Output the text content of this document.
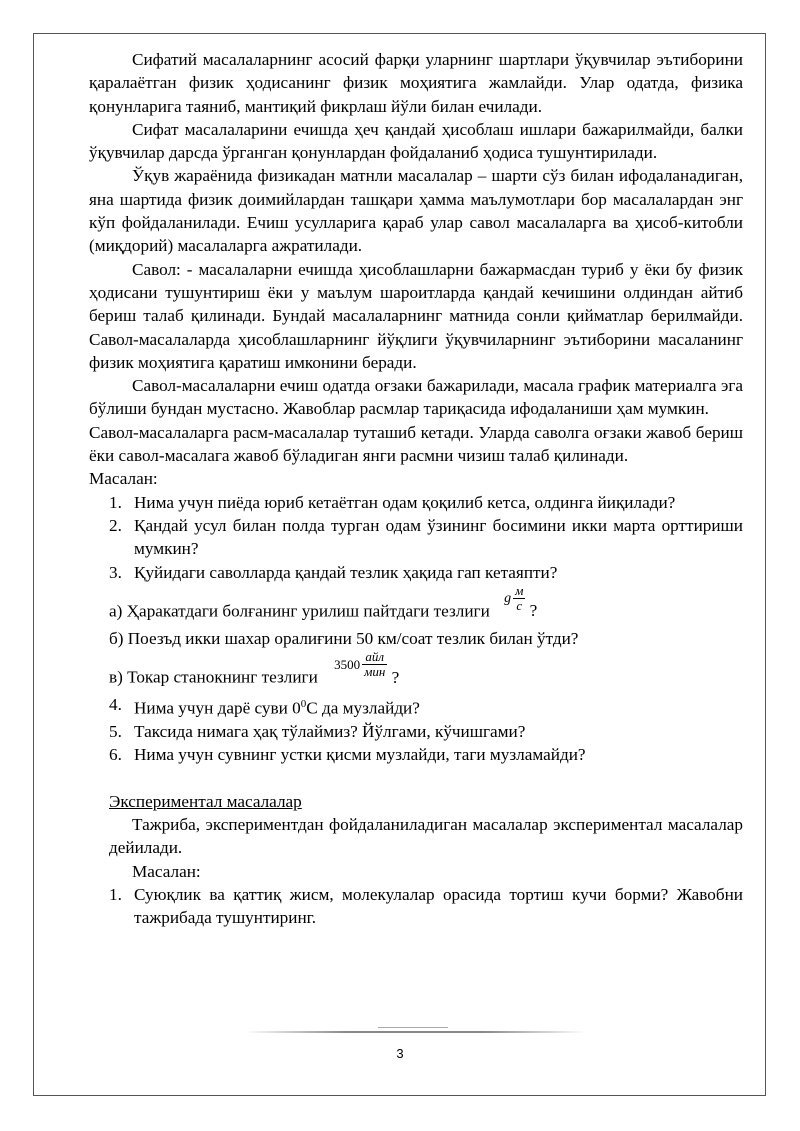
Сифатий масалаларнинг асосий фарқи уларнинг шартлари ўқувчилар эътиборини қаралаётган физик ҳодисанинг физик моҳиятига жамлайди. Улар одатда, физика қонунларига таяниб, мантиқий фикрлаш йўли билан ечилади.

Сифат масалаларини ечишда ҳеч қандай ҳисоблаш ишлари бажарилмайди, балки ўқувчилар дарсда ўрганган қонунлардан фойдаланиб ҳодиса тушунтирилади.

Ўқув жараёнида физикадан матнли масалалар – шарти сўз билан ифодаланадиган, яна шартида физик доимийлардан ташқари ҳамма маълумотлари бор масалалардан энг кўп фойдаланилади. Ечиш усулларига қараб улар савол масалаларга ва ҳисоб-китобли (миқдорий) масалаларга ажратилади.

Савол: - масалаларни ечишда ҳисоблашларни бажармасдан туриб у ёки бу физик ҳодисани тушунтириш ёки у маълум шароитларда қандай кечишини олдиндан айтиб бериш талаб қилинади. Бундай масалаларнинг матнида сонли қийматлар берилмайди. Савол-масалаларда ҳисоблашларнинг йўқлиги ўқувчиларнинг эътиборини масаланинг физик моҳиятига қаратиш имконини беради.

Савол-масалаларни ечиш одатда оғзаки бажарилади, масала график материалга эга бўлиши бундан мустасно. Жавоблар расмлар тариқасида ифодаланиши ҳам мумкин.

Савол-масалаларга расм-масалалар туташиб кетади. Уларда саволга оғзаки жавоб бериш ёки савол-масалага жавоб бўладиган янги расмни чизиш талаб қилинади.

Масалан:

1. Нима учун пиёда юриб кетаётган одам қоқилиб кетса, олдинга йиқилади?
2. Қандай усул билан полда турган одам ўзининг босимини икки марта орттириши мумкин?
3. Қуйидаги саволларда қандай тезлик ҳақида гап кетаяпти?

а) Ҳаракатдаги болғанинг урилиш пайтдаги тезлиги g $\frac{м}{с}$ ?

б) Поезъд икки шахар оралиғини 50 км/соат тезлик билан ўтди?

в) Токар станокнинг тезлиги $3500 \frac{\text{айл}}{\text{мин}}$ ?

4. Нима учун дарё суви $0^0С$ да музлайди?
5. Таксида нимага ҳақ тўлаймиз? Йўлгами, кўчишгами?
6. Нима учун сувнинг устки қисми музлайди, таги музламайди?

Экспериментал масалалар

Тажриба, экспериментдан фойдаланиладиган масалалар экспериментал масалалар дейилади.

Масалан:

1. Суюқлик ва қаттиқ жисм, молекулалар орасида тортиш кучи борми? Жавобни тажрибада тушунтиринг.
3
